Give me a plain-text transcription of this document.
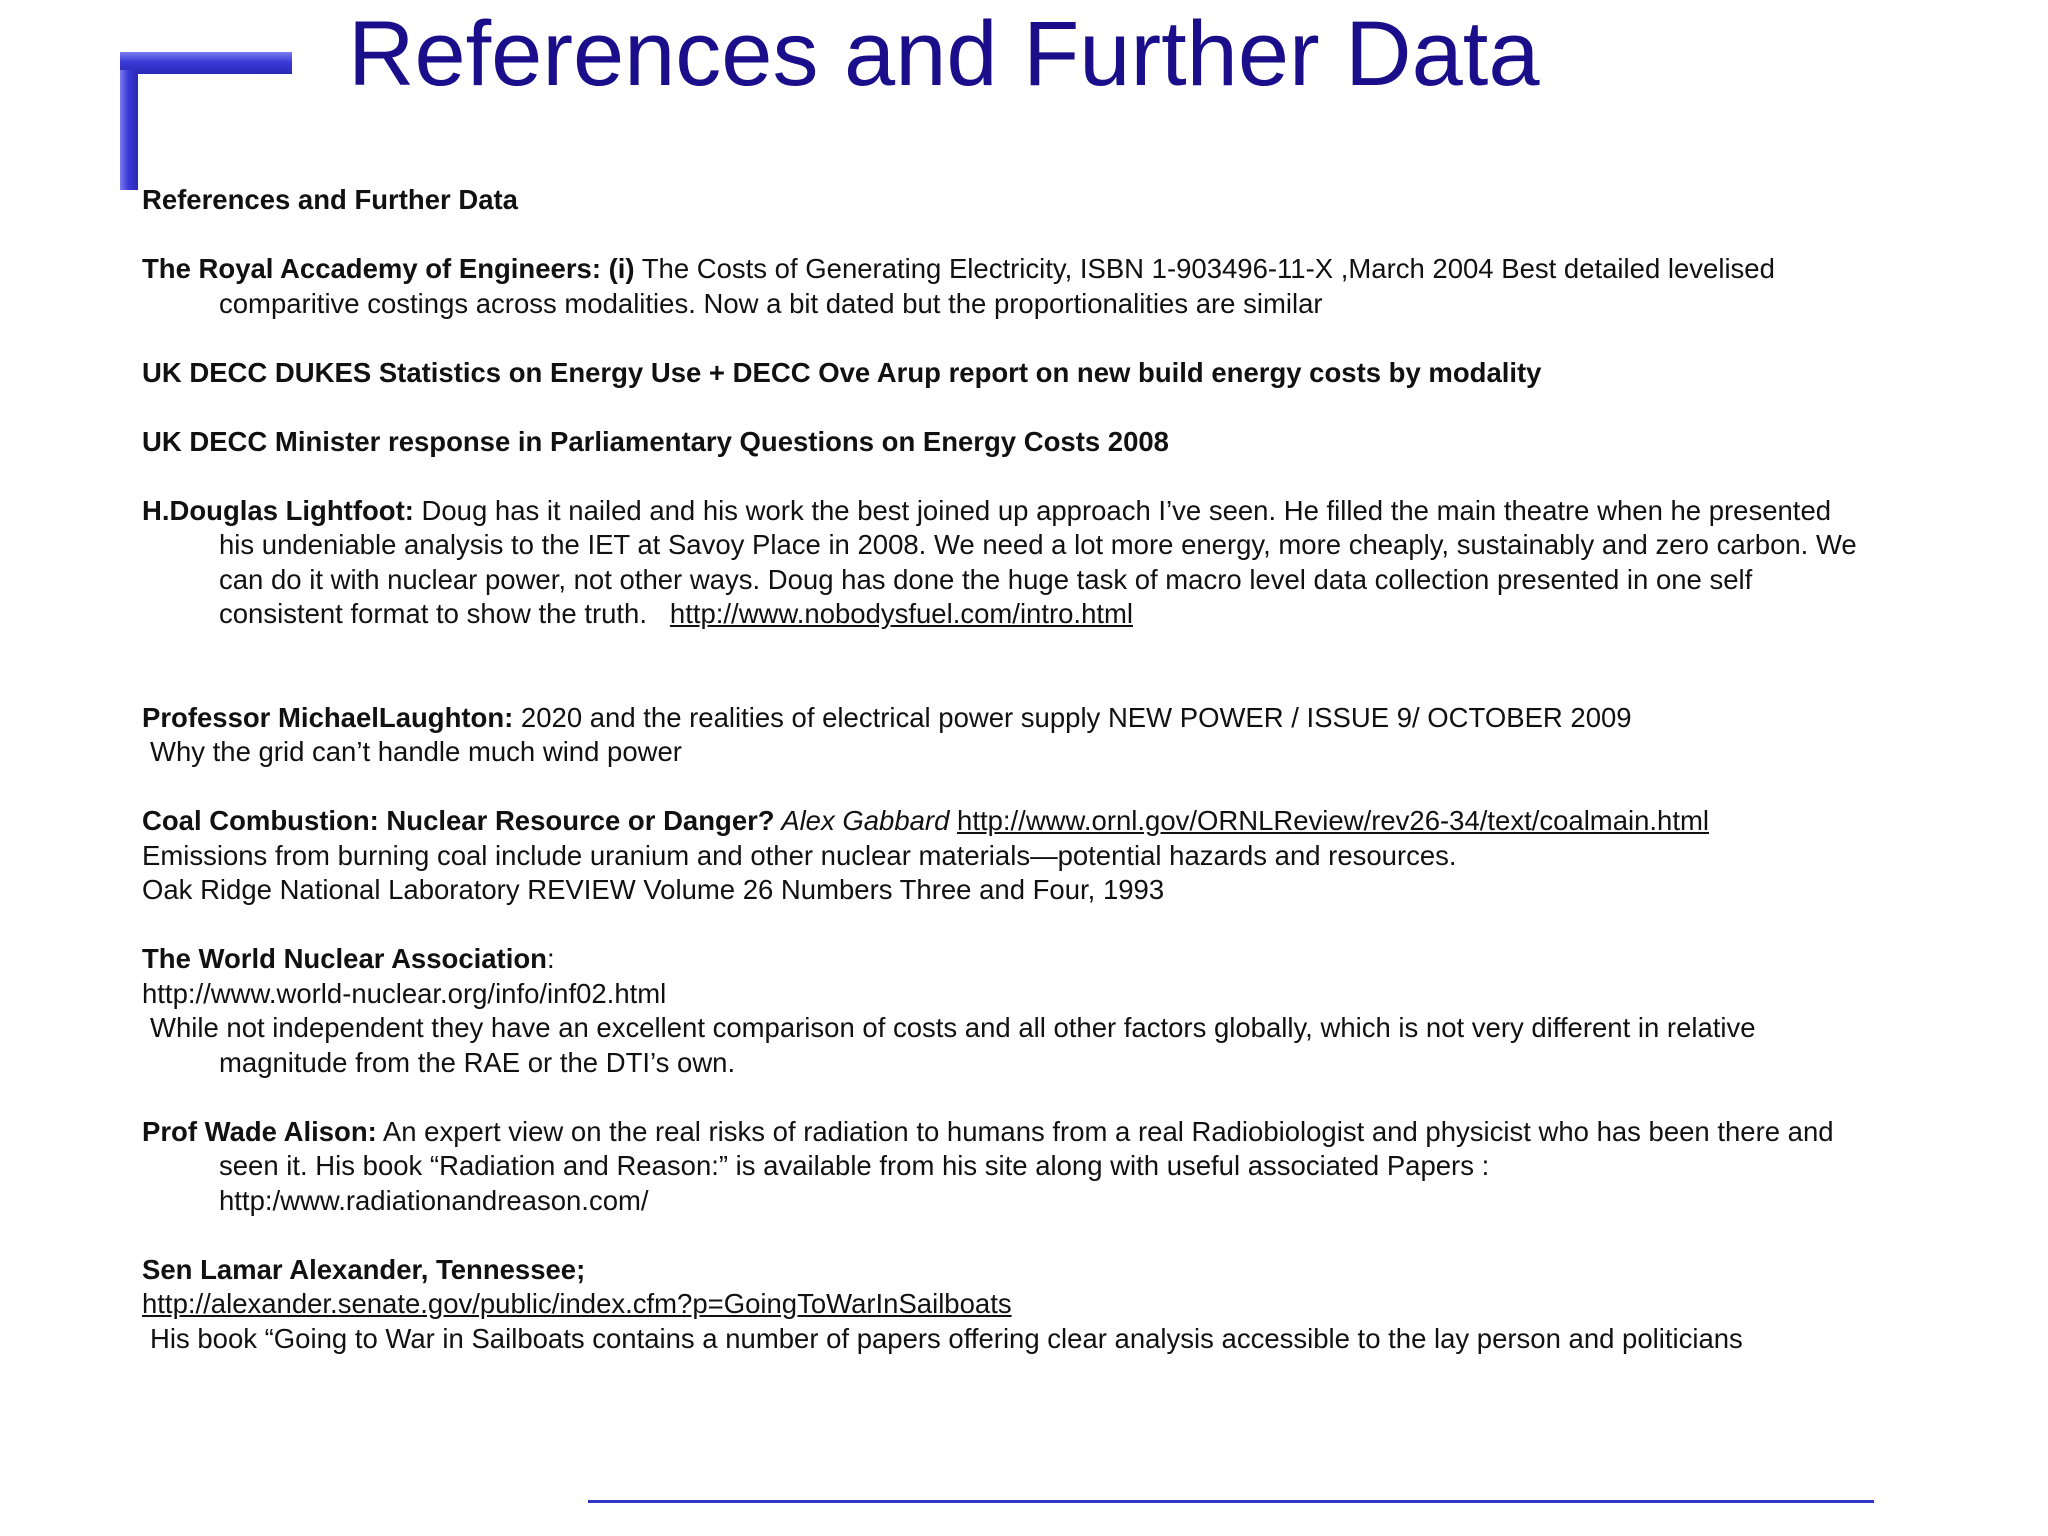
References and Further Data

References and Further Data

The Royal Accademy of Engineers: (i) The Costs of Generating Electricity, ISBN 1-903496-11-X ,March 2004 Best detailed levelised

comparitive costings across modalities. Now a bit dated but the proportionalities are similar

UK DECC DUKES Statistics on Energy Use + DECC Ove Arup report on new build energy costs by modality

UK DECC Minister response in Parliamentary Questions on Energy Costs 2008

H.Douglas Lightfoot: Doug has it nailed and his work the best joined up approach I’ve seen. He filled the main theatre when he presented

his undeniable analysis to the IET at Savoy Place in 2008. We need a lot more energy, more cheaply, sustainably and zero carbon. We

can do it with nuclear power, not other ways. Doug has done the huge task of macro level data collection presented in one self

consistent format to show the truth.   http://www.nobodysfuel.com/intro.html

Professor MichaelLaughton: 2020 and the realities of electrical power supply NEW POWER / ISSUE 9/ OCTOBER 2009

Why the grid can’t handle much wind power

Coal Combustion: Nuclear Resource or Danger? Alex Gabbard http://www.ornl.gov/ORNLReview/rev26-34/text/coalmain.html

Emissions from burning coal include uranium and other nuclear materials—potential hazards and resources.

Oak Ridge National Laboratory REVIEW Volume 26 Numbers Three and Four, 1993

The World Nuclear Association:

http://www.world-nuclear.org/info/inf02.html

While not independent they have an excellent comparison of costs and all other factors globally, which is not very different in relative

magnitude from the RAE or the DTI’s own.

Prof Wade Alison: An expert view on the real risks of radiation to humans from a real Radiobiologist and physicist who has been there and

seen it. His book “Radiation and Reason:” is available from his site along with useful associated Papers :

http:/www.radiationandreason.com/

Sen Lamar Alexander, Tennessee;

http://alexander.senate.gov/public/index.cfm?p=GoingToWarInSailboats

His book “Going to War in Sailboats contains a number of papers offering clear analysis accessible to the lay person and politicians
